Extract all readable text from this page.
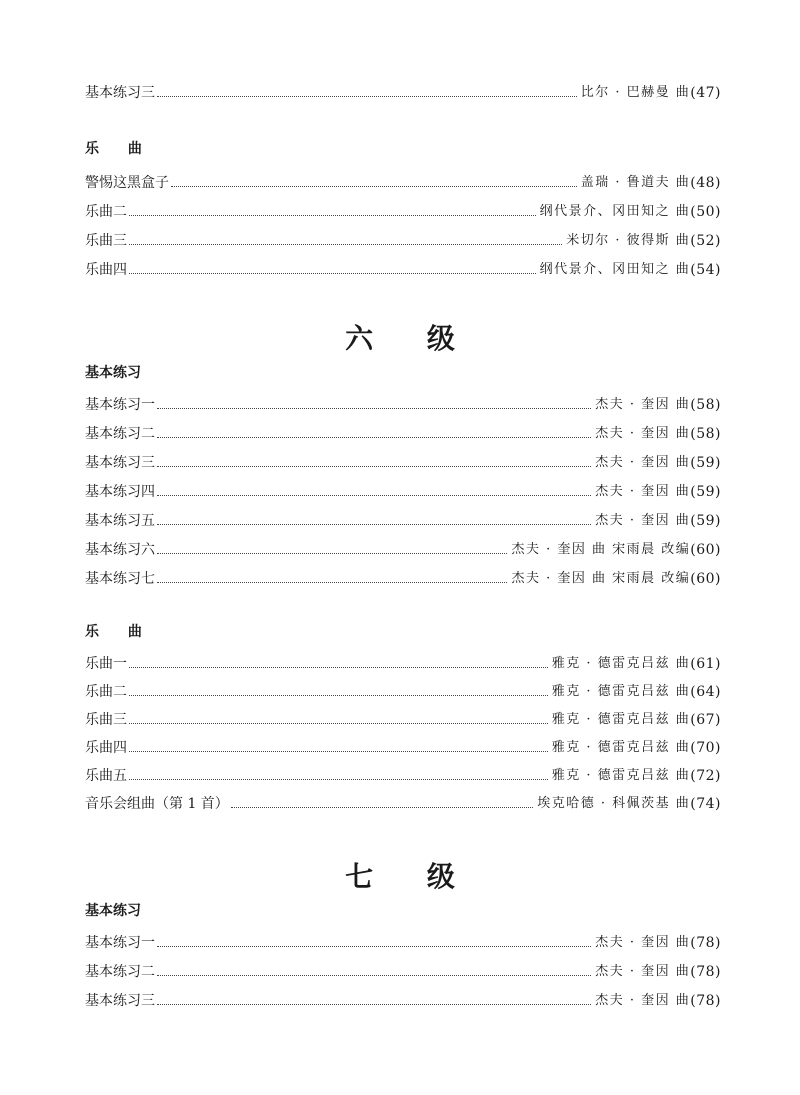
基本练习三	比尔 · 巴赫曼 曲 (47)
乐 曲
警惕这黑盒子	盖瑞 · 鲁道夫 曲 (48)
乐曲二	纲代景介、冈田知之 曲 (50)
乐曲三	米切尔 · 彼得斯 曲 (52)
乐曲四	纲代景介、冈田知之 曲 (54)
六 级
基本练习
基本练习一	杰夫 · 奎因 曲 (58)
基本练习二	杰夫 · 奎因 曲 (58)
基本练习三	杰夫 · 奎因 曲 (59)
基本练习四	杰夫 · 奎因 曲 (59)
基本练习五	杰夫 · 奎因 曲 (59)
基本练习六	杰夫 · 奎因 曲 宋雨晨 改编 (60)
基本练习七	杰夫 · 奎因 曲 宋雨晨 改编 (60)
乐 曲
乐曲一	雅克 · 德雷克吕兹 曲 (61)
乐曲二	雅克 · 德雷克吕兹 曲 (64)
乐曲三	雅克 · 德雷克吕兹 曲 (67)
乐曲四	雅克 · 德雷克吕兹 曲 (70)
乐曲五	雅克 · 德雷克吕兹 曲 (72)
音乐会组曲（第 1 首）	埃克哈德 · 科佩茨基 曲 (74)
七 级
基本练习
基本练习一	杰夫 · 奎因 曲 (78)
基本练习二	杰夫 · 奎因 曲 (78)
基本练习三	杰夫 · 奎因 曲 (78)
